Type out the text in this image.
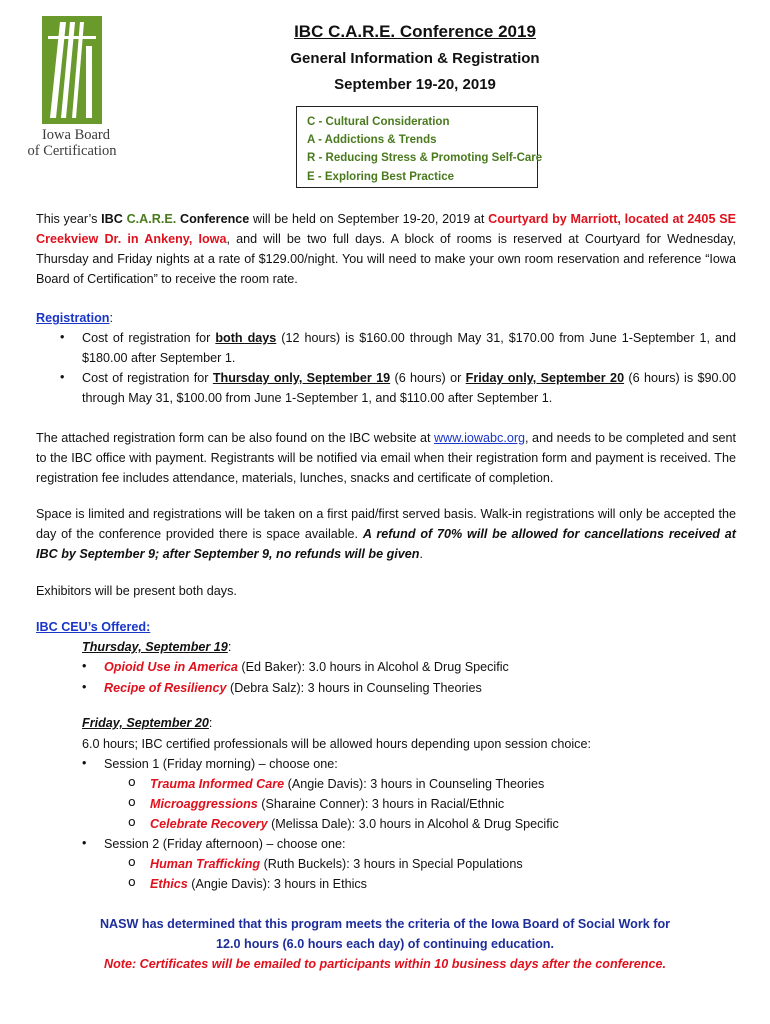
Iowa Board
of Certification
IBC C.A.R.E. Conference 2019
General Information & Registration
September 19-20, 2019
C - Cultural Consideration
A - Addictions & Trends
R - Reducing Stress & Promoting Self-Care
E - Exploring Best Practice
This year’s IBC C.A.R.E. Conference will be held on September 19-20, 2019 at Courtyard by Marriott, located at 2405 SE Creekview Dr. in Ankeny, Iowa, and will be two full days. A block of rooms is reserved at Courtyard for Wednesday, Thursday and Friday nights at a rate of $129.00/night. You will need to make your own room reservation and reference “Iowa Board of Certification” to receive the room rate.
Registration:
• Cost of registration for both days (12 hours) is $160.00 through May 31, $170.00 from June 1-September 1, and $180.00 after September 1.
• Cost of registration for Thursday only, September 19 (6 hours) or Friday only, September 20 (6 hours) is $90.00 through May 31, $100.00 from June 1-September 1, and $110.00 after September 1.
The attached registration form can be also found on the IBC website at www.iowabc.org, and needs to be completed and sent to the IBC office with payment. Registrants will be notified via email when their registration form and payment is received. The registration fee includes attendance, materials, lunches, snacks and certificate of completion.
Space is limited and registrations will be taken on a first paid/first served basis. Walk-in registrations will only be accepted the day of the conference provided there is space available. A refund of 70% will be allowed for cancellations received at IBC by September 9; after September 9, no refunds will be given.
Exhibitors will be present both days.
IBC CEU’s Offered:
Thursday, September 19:
• Opioid Use in America (Ed Baker): 3.0 hours in Alcohol & Drug Specific
• Recipe of Resiliency (Debra Salz): 3 hours in Counseling Theories
Friday, September 20:
6.0 hours; IBC certified professionals will be allowed hours depending upon session choice:
• Session 1 (Friday morning) – choose one:
o Trauma Informed Care (Angie Davis): 3 hours in Counseling Theories
o Microaggressions (Sharaine Conner): 3 hours in Racial/Ethnic
o Celebrate Recovery (Melissa Dale): 3.0 hours in Alcohol & Drug Specific
• Session 2 (Friday afternoon) – choose one:
o Human Trafficking (Ruth Buckels): 3 hours in Special Populations
o Ethics (Angie Davis): 3 hours in Ethics
NASW has determined that this program meets the criteria of the Iowa Board of Social Work for
12.0 hours (6.0 hours each day) of continuing education.
Note: Certificates will be emailed to participants within 10 business days after the conference.
